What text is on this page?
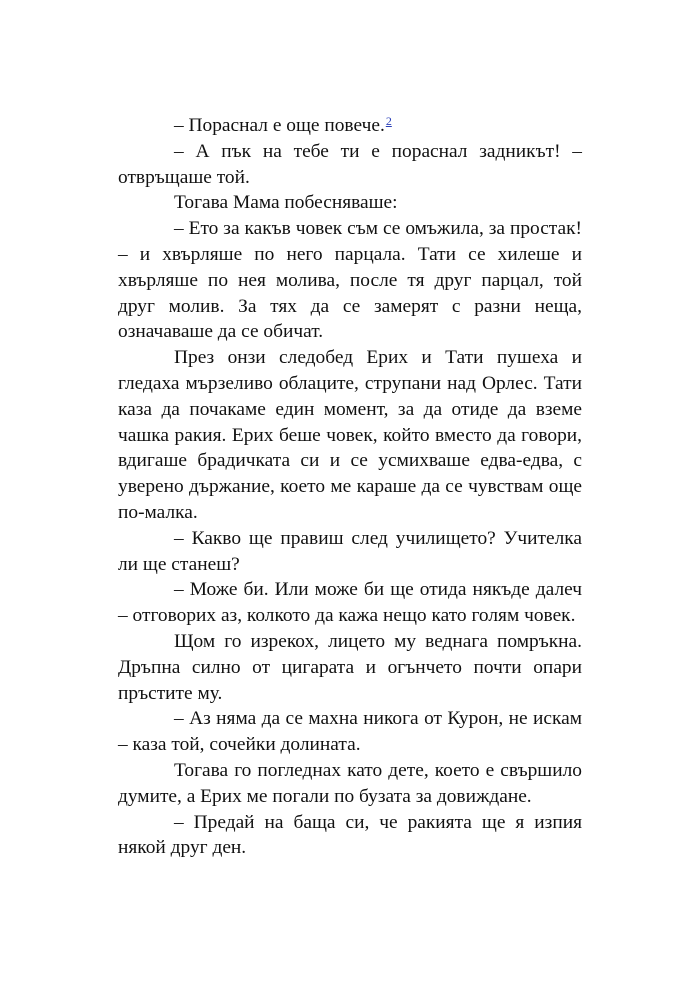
– Пораснал е още повече.$^2$

– А пък на тебе ти е пораснал задникът! – отвръщаше той.

Тогава Мама побесняваше:

– Ето за какъв човек съм се омъжила, за простак! – и хвърляше по него парцала. Тати се хилеше и хвърляше по нея молива, после тя друг парцал, той друг молив. За тях да се замерят с разни неща, означаваше да се обичат.

През онзи следобед Ерих и Тати пушеха и гледаха мързеливо облаците, струпани над Орлес. Тати каза да почакаме един момент, за да отиде да вземе чашка ракия. Ерих беше човек, който вместо да говори, вдигаше брадичката си и се усмихваше едва-едва, с уверено държание, което ме караше да се чувствам още по-малка.

– Какво ще правиш след училището? Учителка ли ще станеш?

– Може би. Или може би ще отида някъде далеч – отговорих аз, колкото да кажа нещо като голям човек.

Щом го изрекох, лицето му веднага помръкна. Дръпна силно от цигарата и огънчето почти опари пръстите му.

– Аз няма да се махна никога от Курон, не искам – каза той, сочейки долината.

Тогава го погледнах като дете, което е свършило думите, а Ерих ме погали по бузата за довиждане.

– Предай на баща си, че ракията ще я изпия някой друг ден.
